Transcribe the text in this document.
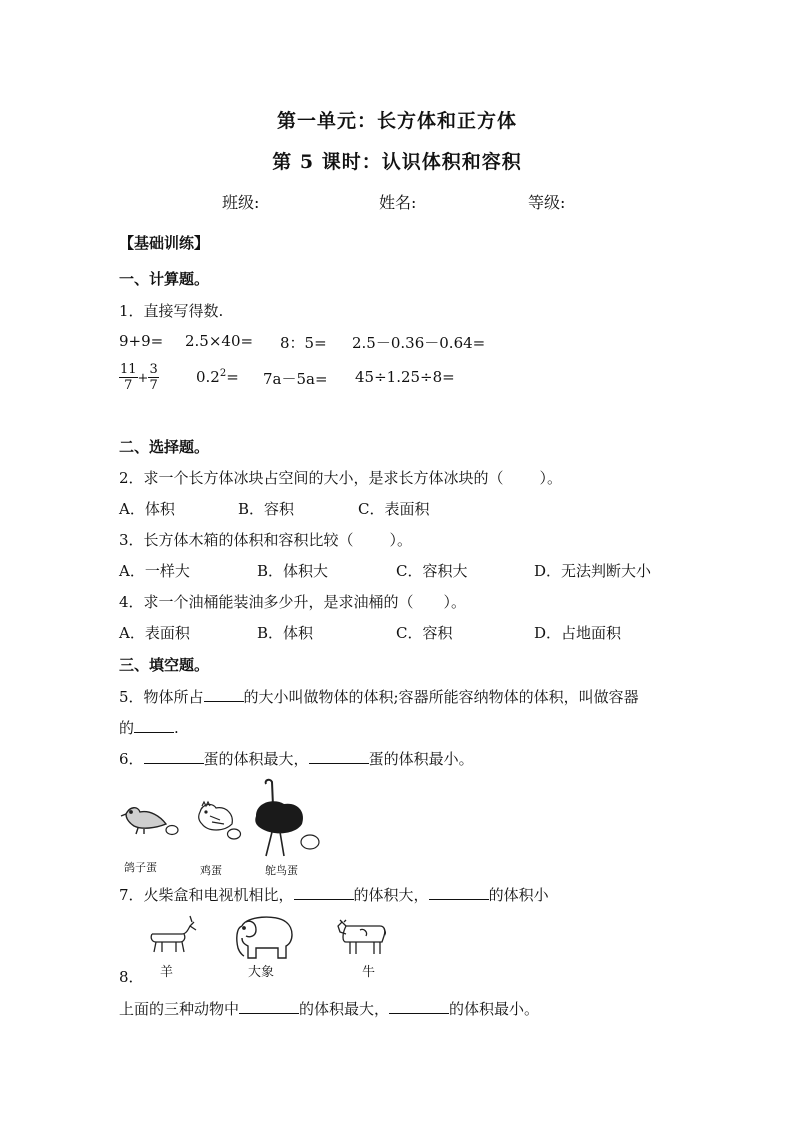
第一单元：长方体和正方体
第 5 课时：认识体积和容积
班级:	姓名:	等级:
【基础训练】
一、计算题。
1．直接写得数.
9+9= 2.5×40= 8：5= 2.5－0.36－0.64=
$\frac{11}{7} + \frac{3}{7} 0.2^2= 7a-5a= 45\div 1.25\div 8=$
二、选择题。
2．求一个长方体冰块占空间的大小，是求长方体冰块的（ ）。
A．体积	B．容积	C．表面积
3．长方体木箱的体积和容积比较（ ）。
A．一样大	B．体积大	C．容积大	D．无法判断大小
4．求一个油桶能装油多少升，是求油桶的（ ）。
A．表面积	B．体积	C．容积	D．占地面积
三、填空题。
5．物体所占	的大小叫做物体的体积;容器所能容纳物体的体积，叫做容器
的	.
6．	蛋的体积最大，	蛋的体积最小。
鸽子蛋	鸡蛋	鸵鸟蛋
7．火柴盒和电视机相比，	的体积大，	的体积小
8． 羊	大象	牛
上面的三种动物中	的体积最大，	的体积最小。
